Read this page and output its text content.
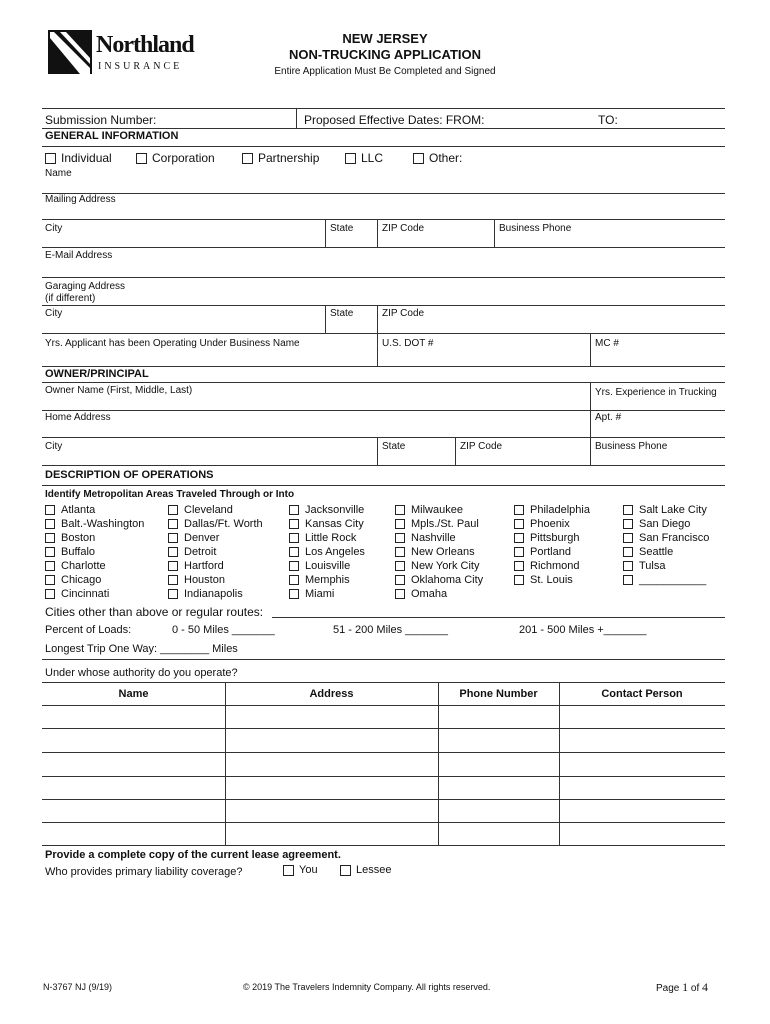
Northland
INSURANCE
NEW JERSEY
NON-TRUCKING APPLICATION
Entire Application Must Be Completed and Signed
Submission Number:	Proposed Effective Dates: FROM:	TO:
GENERAL INFORMATION
Individual	Corporation	Partnership	LLC	Other:
Name
Mailing Address
City	State	ZIP Code	Business Phone
E-Mail Address
Garaging Address
(if different)
City	State	ZIP Code
Yrs. Applicant has been Operating Under Business Name	U.S. DOT #	MC #
OWNER/PRINCIPAL
Owner Name (First, Middle, Last)	Yrs. Experience in Trucking
Home Address	Apt. #
City	State	ZIP Code	Business Phone
DESCRIPTION OF OPERATIONS
Identify Metropolitan Areas Traveled Through or Into
Atlanta
Balt.-Washington
Boston
Buffalo
Charlotte
Chicago
Cincinnati
Cleveland
Dallas/Ft. Worth
Denver
Detroit
Hartford
Houston
Indianapolis
Jacksonville
Kansas City
Little Rock
Los Angeles
Louisville
Memphis
Miami
Milwaukee
Mpls./St. Paul
Nashville
New Orleans
New York City
Oklahoma City
Omaha
Philadelphia
Phoenix
Pittsburgh
Portland
Richmond
St. Louis
Salt Lake City
San Diego
San Francisco
Seattle
Tulsa
___________
Cities other than above or regular routes:
Percent of Loads:	0 - 50 Miles _______	51 - 200 Miles _______	201 - 500 Miles +_______
Longest Trip One Way: ________ Miles
Under whose authority do you operate?
Name	Address	Phone Number	Contact Person
Provide a complete copy of the current lease agreement.
Who provides primary liability coverage?	You	Lessee
N-3767 NJ (9/19)	© 2019 The Travelers Indemnity Company. All rights reserved.	Page 1 of 4
